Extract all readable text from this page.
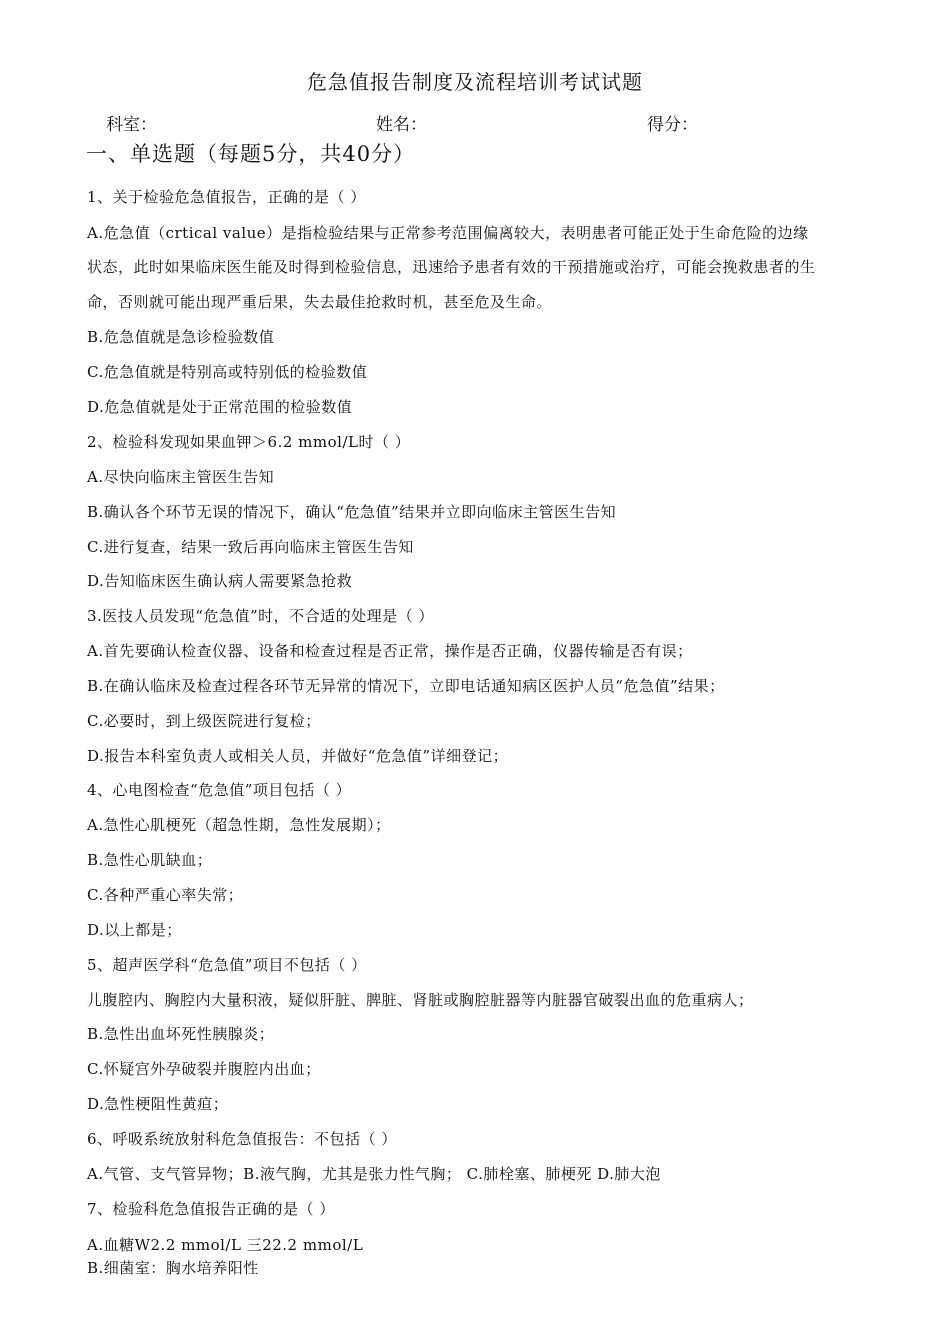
危急值报告制度及流程培训考试试题
科室：	姓名：	得分：
一、单选题（每题5分，共40分）
1、关于检验危急值报告，正确的是（ ）
A.危急值（crtical value）是指检验结果与正常参考范围偏离较大，表明患者可能正处于生命危险的边缘
状态，此时如果临床医生能及时得到检验信息，迅速给予患者有效的干预措施或治疗，可能会挽救患者的生
命，否则就可能出现严重后果，失去最佳抢救时机，甚至危及生命。
B.危急值就是急诊检验数值
C.危急值就是特别高或特别低的检验数值
D.危急值就是处于正常范围的检验数值
2、检验科发现如果血钾＞6.2 mmol/L时（ ）
A.尽快向临床主管医生告知
B.确认各个环节无误的情况下，确认“危急值”结果并立即向临床主管医生告知
C.进行复查，结果一致后再向临床主管医生告知
D.告知临床医生确认病人需要紧急抢救
3.医技人员发现“危急值”时，不合适的处理是（ ）
A.首先要确认检查仪器、设备和检查过程是否正常，操作是否正确，仪器传输是否有误；
B.在确认临床及检查过程各环节无异常的情况下，立即电话通知病区医护人员“危急值”结果；
C.必要时，到上级医院进行复检；
D.报告本科室负责人或相关人员，并做好“危急值”详细登记；
4、心电图检查“危急值”项目包括（ ）
A.急性心肌梗死（超急性期，急性发展期）；
B.急性心肌缺血；
C.各种严重心率失常；
D.以上都是；
5、超声医学科“危急值”项目不包括（ ）
儿腹腔内、胸腔内大量积液，疑似肝脏、脾脏、肾脏或胸腔脏器等内脏器官破裂出血的危重病人；
B.急性出血坏死性胰腺炎；
C.怀疑宫外孕破裂并腹腔内出血；
D.急性梗阻性黄疸；
6、呼吸系统放射科危急值报告：不包括（ ）
A.气管、支气管异物；B.液气胸，尤其是张力性气胸； C.肺栓塞、肺梗死 D.肺大泡
7、检验科危急值报告正确的是（ ）
A.血糖W2.2 mmol/L 三22.2 mmol/L
B.细菌室：胸水培养阳性
